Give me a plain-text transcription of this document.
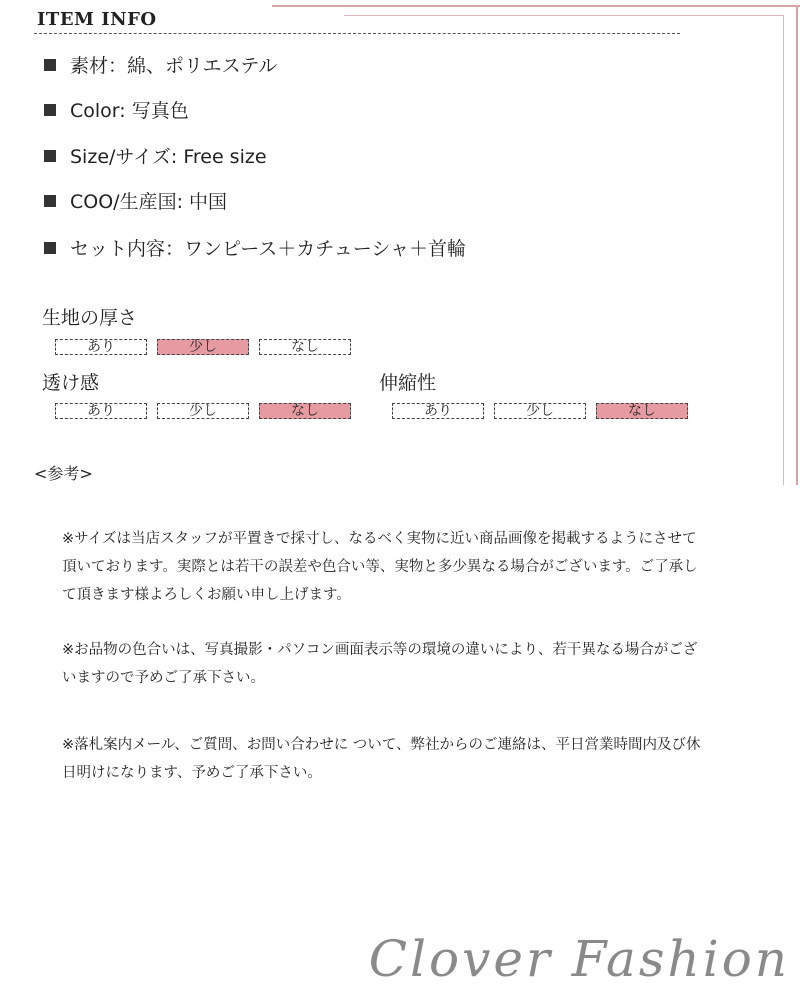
ITEM INFO
素材：綿、ポリエステル
Color: 写真色
Size/サイズ: Free size
COO/生産国: 中国
セット内容：ワンピース＋カチューシャ＋首輪
生地の厚さ
あり	少し	なし
透け感
あり	少し	なし
伸縮性
あり	少し	なし
<参考>

※サイズは当店スタッフが平置きで採寸し、なるべく実物に近い商品画像を掲載するようにさせて頂いております。実際とは若干の誤差や色合い等、実物と多少異なる場合がございます。ご了承して頂きます様よろしくお願い申し上げます。

※お品物の色合いは、写真撮影・パソコン画面表示等の環境の違いにより、若干異なる場合がございますので予めご了承下さい。

※落札案内メール、ご質問、お問い合わせに ついて、弊社からのご連絡は、平日営業時間内及び休日明けになります、予めご了承下さい。

Clover Fashion
